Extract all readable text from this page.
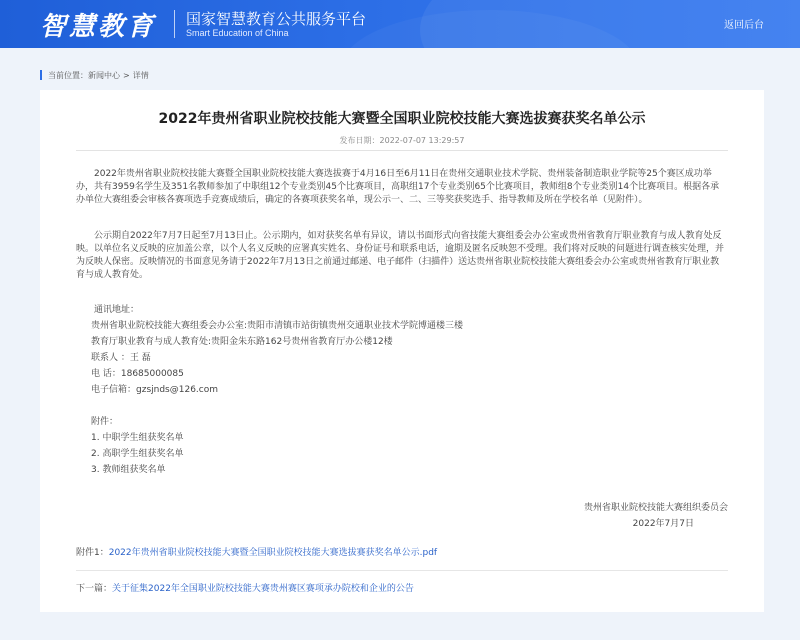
智慧教育 国家智慧教育公共服务平台
Smart Education of China
返回后台
当前位置： 新闻中心 > 详情
2022年贵州省职业院校技能大赛暨全国职业院校技能大赛选拔赛获奖名单公示
发布日期：2022-07-07 13:29:57
2022年贵州省职业院校技能大赛暨全国职业院校技能大赛选拔赛于4月16日至6月11日在贵州交通职业技术学院、贵州装备制造职业学院等25个赛区成功举办，共有3959名学生及351名教师参加了中职组12个专业类别45个比赛项目，高职组17个专业类别65个比赛项目，教师组8个专业类别14个比赛项目。根据各承办单位大赛组委会审核各赛项选手竞赛成绩后，确定的各赛项获奖名单，现公示一、二、三等奖获奖选手、指导教师及所在学校名单（见附件）。
公示期自2022年7月7日起至7月13日止。公示期内，如对获奖名单有异议，请以书面形式向省技能大赛组委会办公室或贵州省教育厅职业教育与成人教育处反映。以单位名义反映的应加盖公章，以个人名义反映的应署真实姓名、身份证号和联系电话，逾期及匿名反映恕不受理。我们将对反映的问题进行调查核实处理，并为反映人保密。反映情况的书面意见务请于2022年7月13日之前通过邮递、电子邮件（扫描件）送达贵州省职业院校技能大赛组委会办公室或贵州省教育厅职业教育与成人教育处。
通讯地址：
贵州省职业院校技能大赛组委会办公室:贵阳市清镇市站街镇贵州交通职业技术学院博通楼三楼
教育厅职业教育与成人教育处:贵阳金朱东路162号贵州省教育厅办公楼12楼
联系人 ：王 磊
电 话：18685000085
电子信箱：gzsjnds@126.com
附件：
1. 中职学生组获奖名单
2. 高职学生组获奖名单
3. 教师组获奖名单
贵州省职业院校技能大赛组织委员会
2022年7月7日
附件1：2022年贵州省职业院校技能大赛暨全国职业院校技能大赛选拔赛获奖名单公示.pdf
下一篇：关于征集2022年全国职业院校技能大赛贵州赛区赛项承办院校和企业的公告
